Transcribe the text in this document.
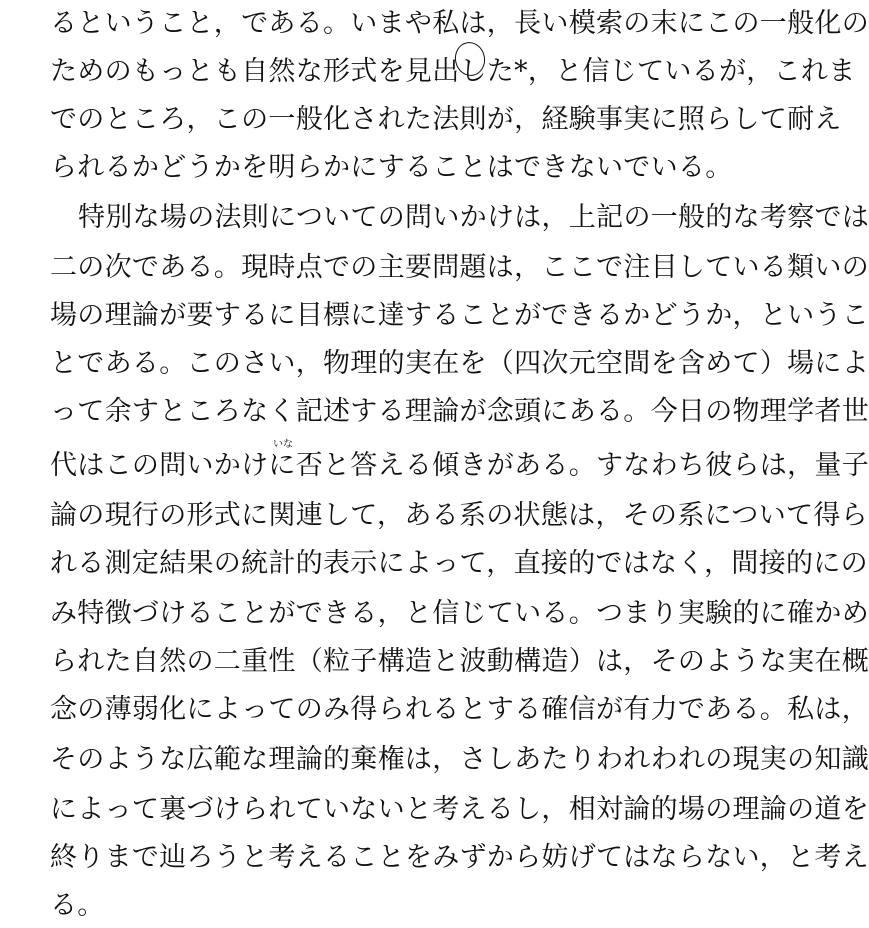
るということ，である。いまや私は，長い模索の末にこの一般化の
ためのもっとも自然な形式を見出した*，と信じているが，これま
でのところ，この一般化された法則が，経験事実に照らして耐え
られるかどうかを明らかにすることはできないでいる。
特別な場の法則についての問いかけは，上記の一般的な考察では
二の次である。現時点での主要問題は，ここで注目している類いの
場の理論が要するに目標に達することができるかどうか，というこ
とである。このさい，物理的実在を（四次元空間を含めて）場によ
って余すところなく記述する理論が念頭にある。今日の物理学者世
代はこの問いかけに否と答える傾きがある。すなわち彼らは，量子
論の現行の形式に関連して，ある系の状態は，その系について得ら
れる測定結果の統計的表示によって，直接的ではなく，間接的にの
み特徴づけることができる，と信じている。つまり実験的に確かめ
られた自然の二重性（粒子構造と波動構造）は，そのような実在概
念の薄弱化によってのみ得られるとする確信が有力である。私は，
そのような広範な理論的棄権は，さしあたりわれわれの現実の知識
によって裏づけられていないと考えるし，相対論的場の理論の道を
終りまで辿ろうと考えることをみずから妨げてはならない，と考え
る。
いな
